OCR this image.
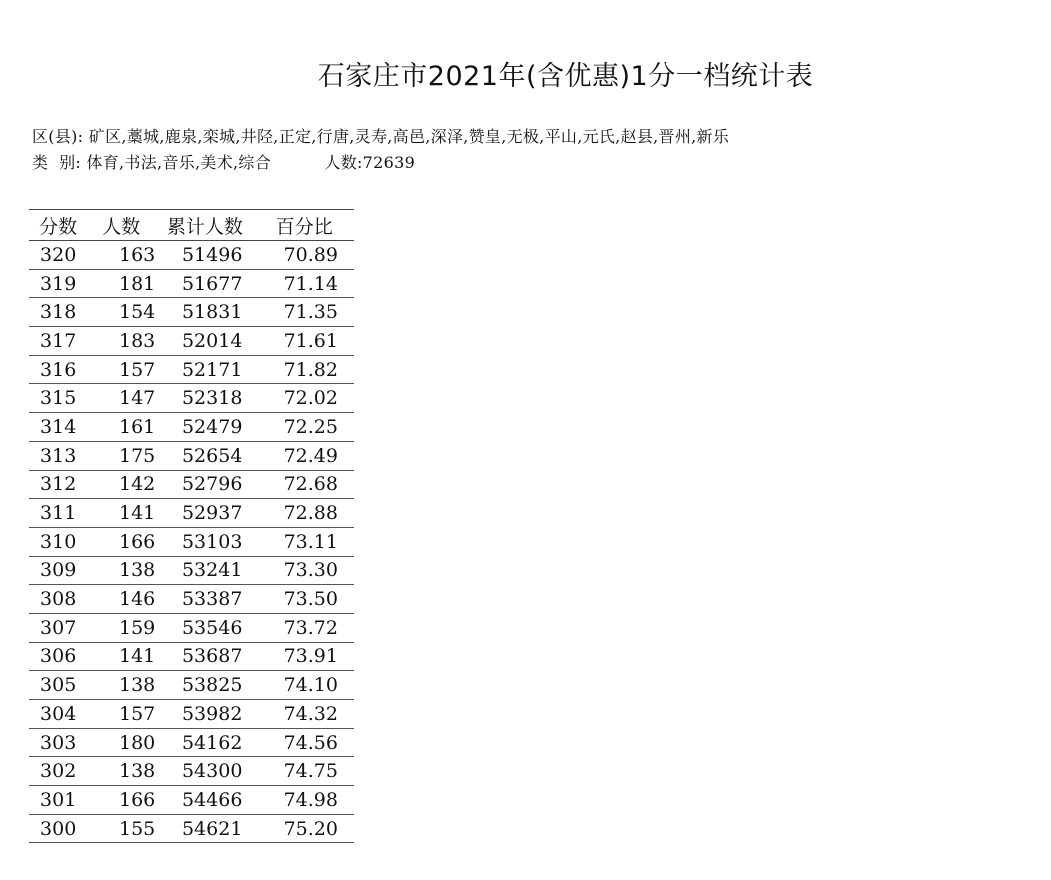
石家庄市2021年(含优惠)1分一档统计表
区(县): 矿区,藁城,鹿泉,栾城,井陉,正定,行唐,灵寿,高邑,深泽,赞皇,无极,平山,元氏,赵县,晋州,新乐
类  别: 体育,书法,音乐,美术,综合	人数:72639
分数	人数	累计人数	百分比
320	163	51496	70.89
319	181	51677	71.14
318	154	51831	71.35
317	183	52014	71.61
316	157	52171	71.82
315	147	52318	72.02
314	161	52479	72.25
313	175	52654	72.49
312	142	52796	72.68
311	141	52937	72.88
310	166	53103	73.11
309	138	53241	73.30
308	146	53387	73.50
307	159	53546	73.72
306	141	53687	73.91
305	138	53825	74.10
304	157	53982	74.32
303	180	54162	74.56
302	138	54300	74.75
301	166	54466	74.98
300	155	54621	75.20
